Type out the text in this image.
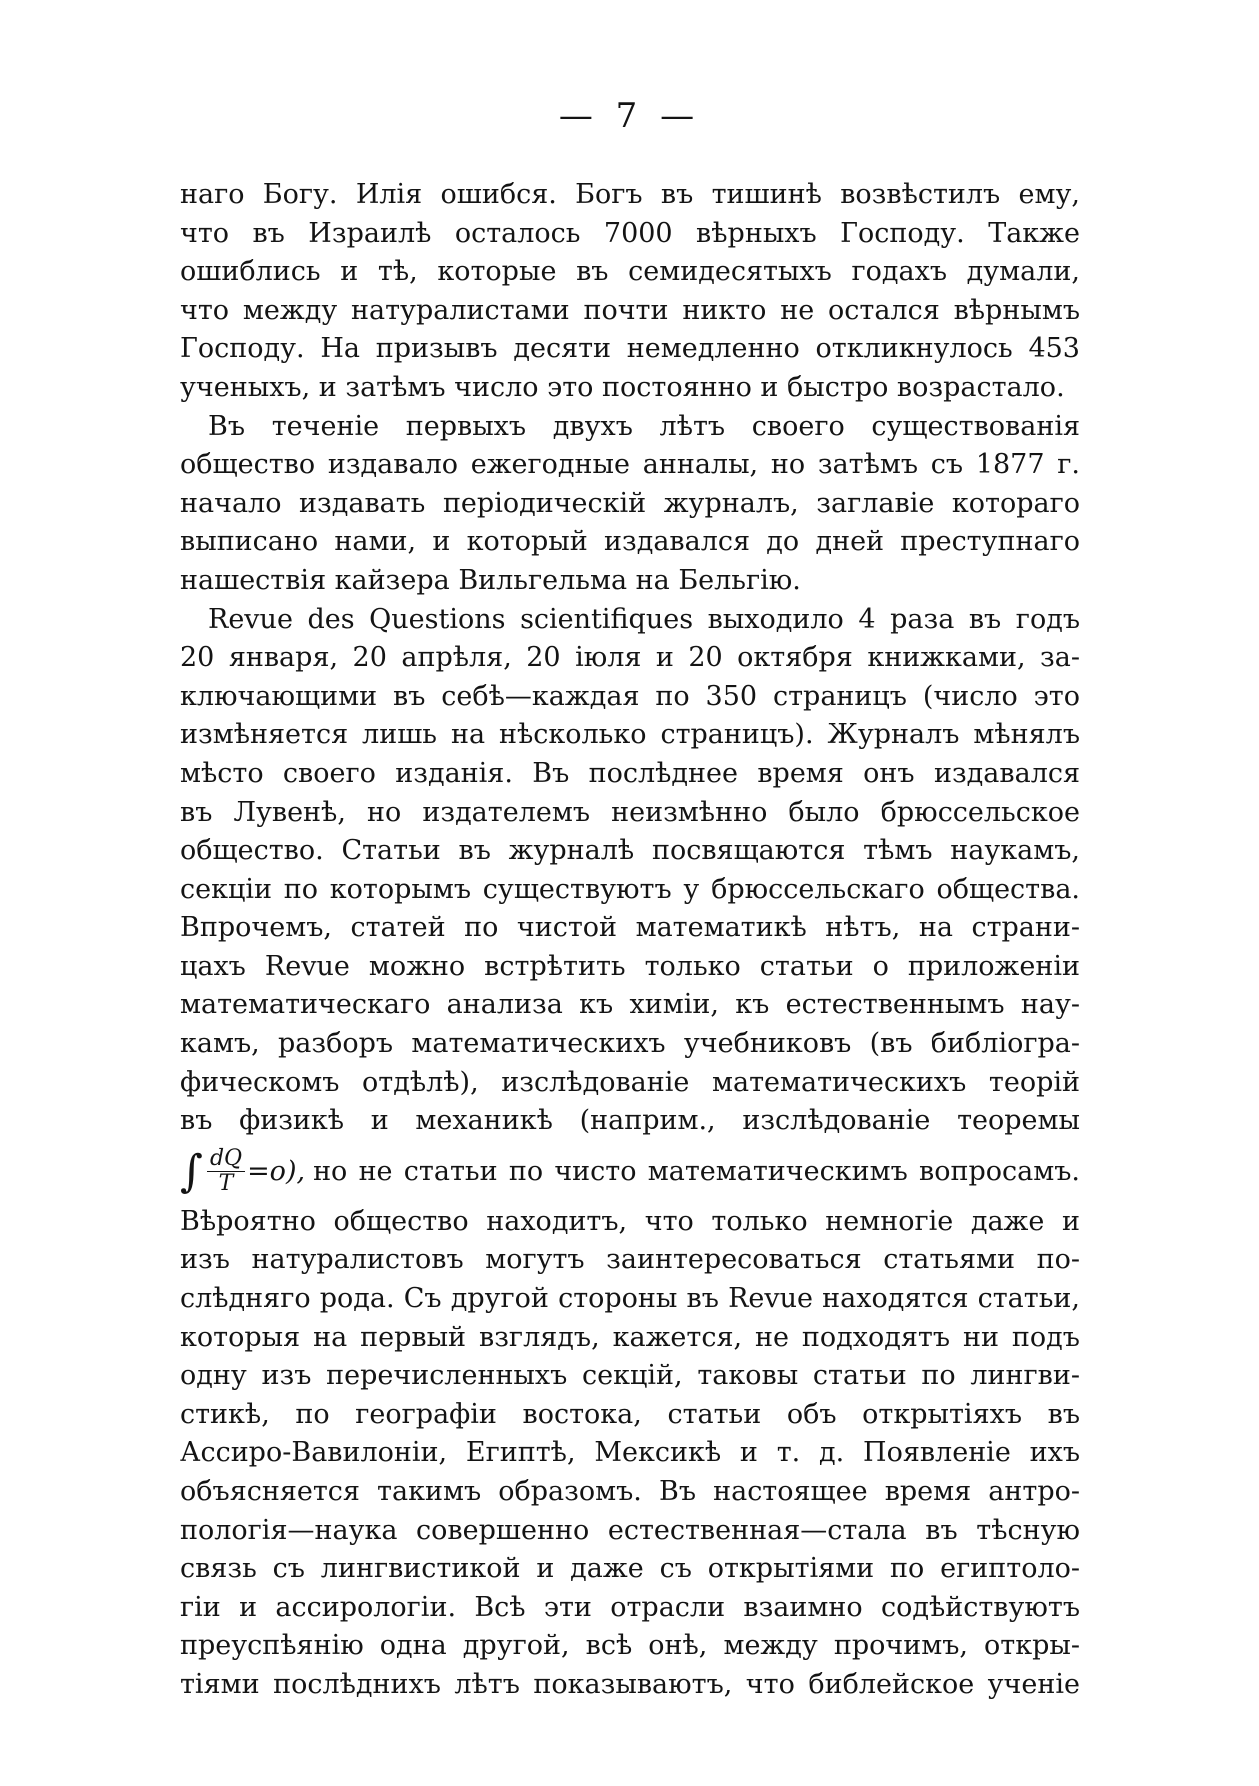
— 7 —
наго Богу. Илія ошибся. Богъ въ тишинѣ возвѣстилъ ему,
что въ Израилѣ осталось 7000 вѣрныхъ Господу. Также
ошиблись и тѣ, которые въ семидесятыхъ годахъ думали,
что между натуралистами почти никто не остался вѣрнымъ
Господу. На призывъ десяти немедленно откликнулось 453
ученыхъ, и затѣмъ число это постоянно и быстро возрастало.
Въ теченіе первыхъ двухъ лѣтъ своего существованія
общество издавало ежегодные анналы, но затѣмъ съ 1877 г.
начало издавать періодическій журналъ, заглавіе котораго
выписано нами, и который издавался до дней преступнаго
нашествія кайзера Вильгельма на Бельгію.
Revue des Questions scientifiques выходило 4 раза въ годъ
20 января, 20 апрѣля, 20 іюля и 20 октября книжками, за-
ключающими въ себѣ—каждая по 350 страницъ (число это
измѣняется лишь на нѣсколько страницъ). Журналъ мѣнялъ
мѣсто своего изданія. Въ послѣднее время онъ издавался
въ Лувенѣ, но издателемъ неизмѣнно было брюссельское
общество. Статьи въ журналѣ посвящаются тѣмъ наукамъ,
секціи по которымъ существуютъ у брюссельскаго общества.
Впрочемъ, статей по чистой математикѣ нѣтъ, на страни-
цахъ Revue можно встрѣтить только статьи о приложеніи
математическаго анализа къ химіи, къ естественнымъ нау-
камъ, разборъ математическихъ учебниковъ (въ библіогра-
фическомъ отдѣлѣ), изслѣдованіе математическихъ теорій
въ физикѣ и механикѣ (наприм., изслѣдованіе теоремы
∫ $\frac{dQ}{T} =o$), но не статьи по чисто математическимъ вопросамъ.
Вѣроятно общество находитъ, что только немногіе даже и
изъ натуралистовъ могутъ заинтересоваться статьями по-
слѣдняго рода. Съ другой стороны въ Revue находятся статьи,
которыя на первый взглядъ, кажется, не подходятъ ни подъ
одну изъ перечисленныхъ секцій, таковы статьи по лингви-
стикѣ, по географіи востока, статьи объ открытіяхъ въ
Ассиро-Вавилоніи, Египтѣ, Мексикѣ и т. д. Появленіе ихъ
объясняется такимъ образомъ. Въ настоящее время антро-
пологія—наука совершенно естественная—стала въ тѣсную
связь съ лингвистикой и даже съ открытіями по египтоло-
гіи и ассирологіи. Всѣ эти отрасли взаимно содѣйствуютъ
преуспѣянію одна другой, всѣ онѣ, между прочимъ, откры-
тіями послѣднихъ лѣтъ показываютъ, что библейское ученіе
